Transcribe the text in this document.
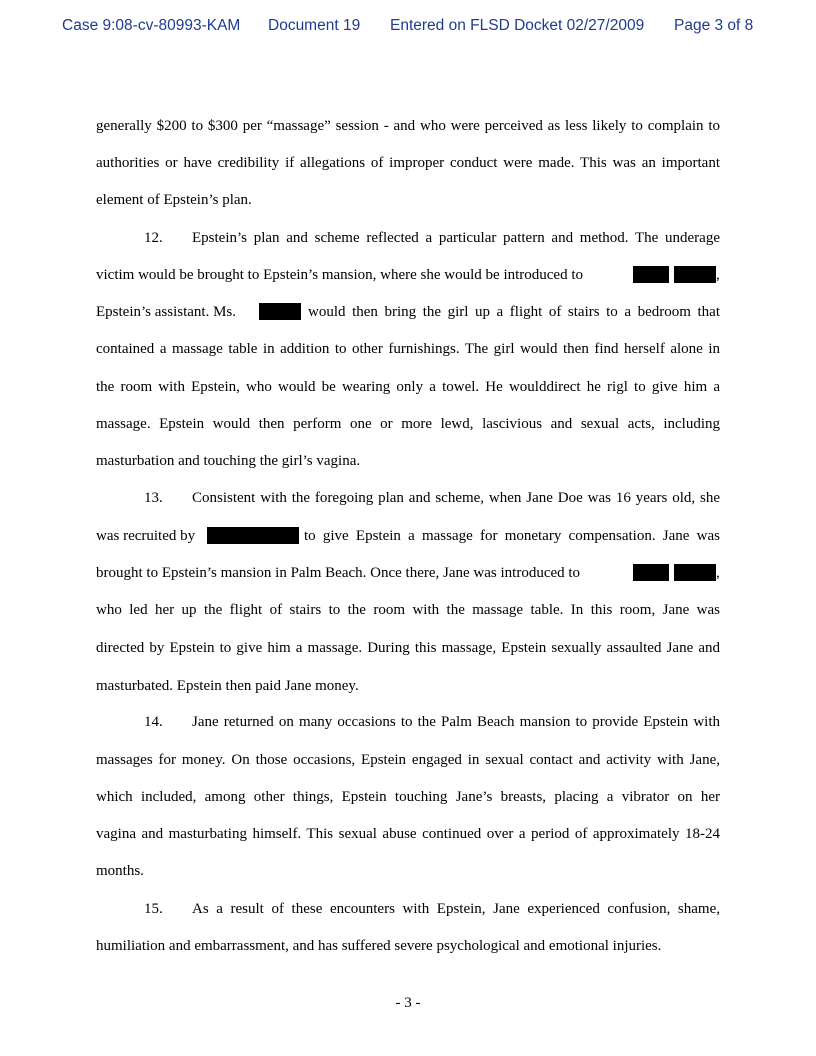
Case 9:08-cv-80993-KAM Document 19 Entered on FLSD Docket 02/27/2009 Page 3 of 8
generally $200 to $300 per “massage” session - and who were perceived as less likely to complain to
authorities or have credibility if allegations of improper conduct were made. This was an important
element of Epstein’s plan.
12. Epstein’s plan and scheme reflected a particular pattern and method. The underage
victim would be brought to Epstein’s mansion, where she would be introduced to	,
Epstein’s assistant. Ms.	would then bring the girl up a flight of stairs to a bedroom that
contained a massage table in addition to other furnishings. The girl would then find herself alone in
the room with Epstein, who would be wearing only a towel. He woulddirect he rigl to give him a
massage. Epstein would then perform one or more lewd, lascivious and sexual acts, including
masturbation and touching the girl’s vagina.
13. Consistent with the foregoing plan and scheme, when Jane Doe was 16 years old, she
was recruited by	to give Epstein a massage for monetary compensation. Jane was
brought to Epstein’s mansion in Palm Beach. Once there, Jane was introduced to	,
who led her up the flight of stairs to the room with the massage table. In this room, Jane was
directed by Epstein to give him a massage. During this massage, Epstein sexually assaulted Jane and
masturbated. Epstein then paid Jane money.
14. Jane returned on many occasions to the Palm Beach mansion to provide Epstein with
massages for money. On those occasions, Epstein engaged in sexual contact and activity with Jane,
which included, among other things, Epstein touching Jane’s breasts, placing a vibrator on her
vagina and masturbating himself. This sexual abuse continued over a period of approximately 18-24
months.
15. As a result of these encounters with Epstein, Jane experienced confusion, shame,
humiliation and embarrassment, and has suffered severe psychological and emotional injuries.
- 3 -
